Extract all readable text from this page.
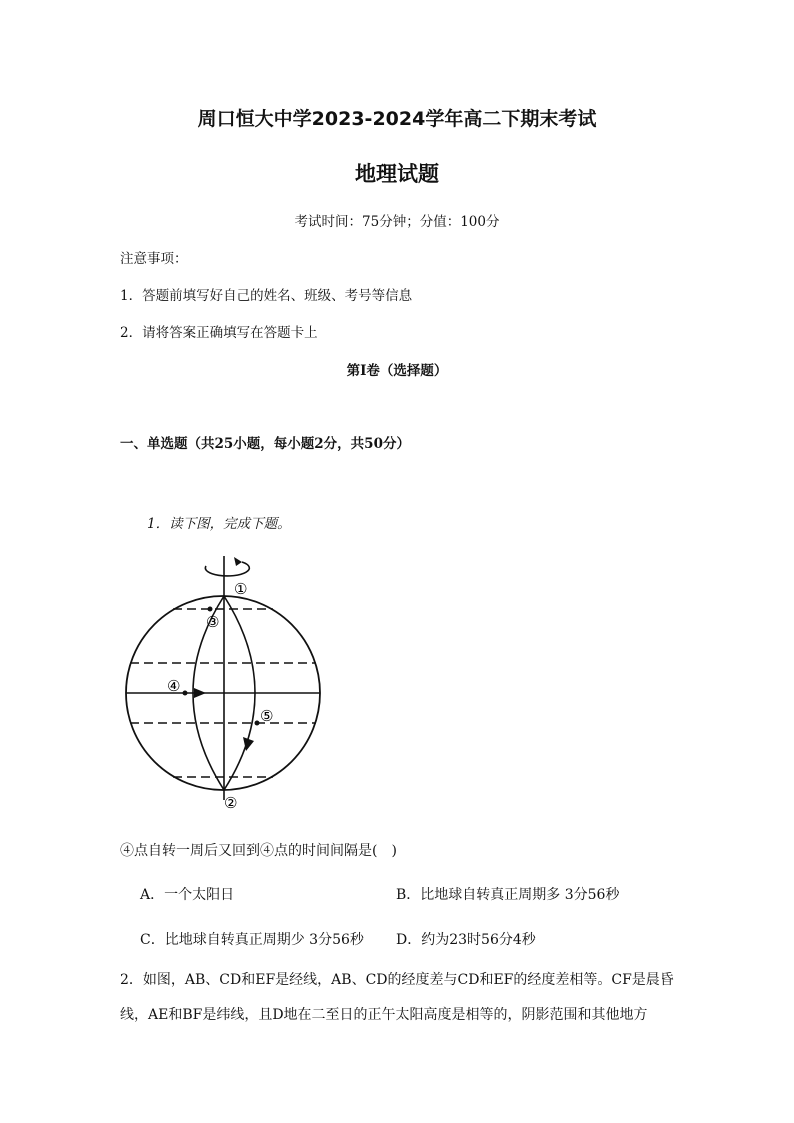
周口恒大中学2023-2024学年高二下期末考试
地理试题
考试时间：75分钟；分值：100分
注意事项：
1．答题前填写好自己的姓名、班级、考号等信息
2．请将答案正确填写在答题卡上
第I卷（选择题）
一、单选题（共25小题，每小题2分，共50分）
1．读下图，完成下题。
①
②
③
④
⑤
④点自转一周后又回到④点的时间间隔是(　)
A．一个太阳日	B．比地球自转真正周期多 3分56秒
C．比地球自转真正周期少 3分56秒 D．约为23时56分4秒
2．如图，AB、CD和EF是经线，AB、CD的经度差与CD和EF的经度差相等。CF是晨昏线，AE和BF是纬线，且D地在二至日的正午太阳高度是相等的，阴影范围和其他地方
